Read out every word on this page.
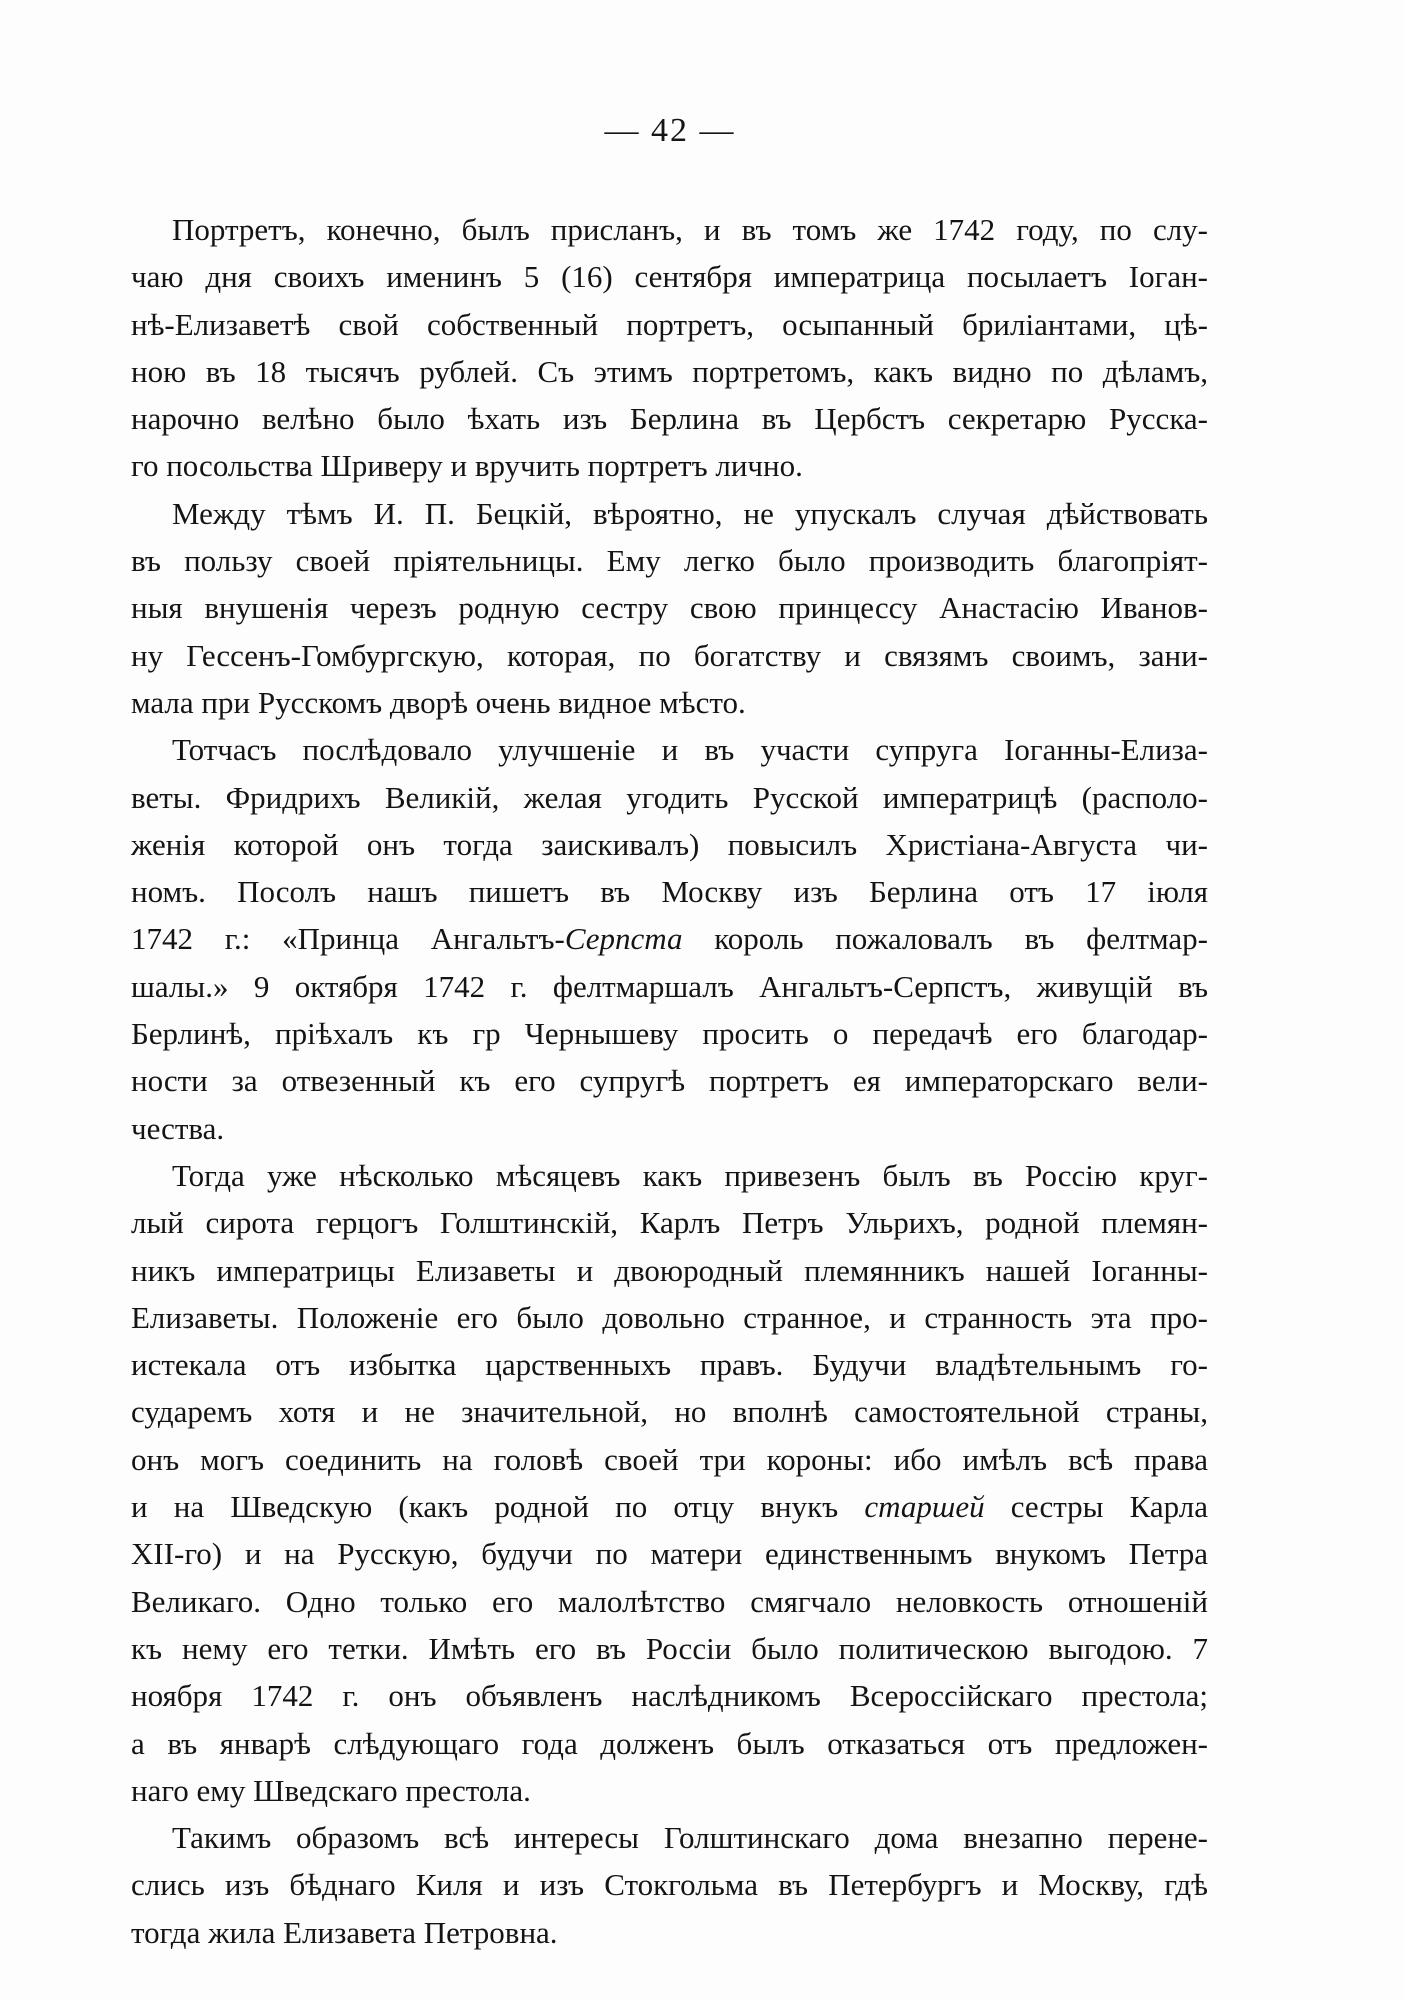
— 42 —
Портретъ, конечно, былъ присланъ, и въ томъ же 1742 году, по слу-
чаю дня своихъ именинъ 5 (16) сентября императрица посылаетъ Іоган-
нѣ-Елизаветѣ свой собственный портретъ, осыпанный бриліантами, цѣ-
ною въ 18 тысячъ рублей. Съ этимъ портретомъ, какъ видно по дѣламъ,
нарочно велѣно было ѣхать изъ Берлина въ Цербстъ секретарю Русска-
го посольства Шриверу и вручить портретъ лично.
Между тѣмъ И. П. Бецкій, вѣроятно, не упускалъ случая дѣйствовать
въ пользу своей пріятельницы. Ему легко было производить благопріят-
ныя внушенія черезъ родную сестру свою принцессу Анастасію Иванов-
ну Гессенъ-Гомбургскую, которая, по богатству и связямъ своимъ, зани-
мала при Русскомъ дворѣ очень видное мѣсто.
Тотчасъ послѣдовало улучшеніе и въ участи супруга Іоганны-Елиза-
веты. Фридрихъ Великій, желая угодить Русской императрицѣ (располо-
женія которой онъ тогда заискивалъ) повысилъ Христіана-Августа чи-
номъ. Посолъ нашъ пишетъ въ Москву изъ Берлина отъ 17 іюля
1742 г.: «Принца Ангальтъ-Серпста король пожаловалъ въ фелтмар-
шалы.» 9 октября 1742 г. фелтмаршалъ Ангальтъ-Серпстъ, живущій въ
Берлинѣ, пріѣхалъ къ гр Чернышеву просить о передачѣ его благодар-
ности за отвезенный къ его супругѣ портретъ ея императорскаго вели-
чества.
Тогда уже нѣсколько мѣсяцевъ какъ привезенъ былъ въ Россію круг-
лый сирота герцогъ Голштинскій, Карлъ Петръ Ульрихъ, родной племян-
никъ императрицы Елизаветы и двоюродный племянникъ нашей Іоганны-
Елизаветы. Положеніе его было довольно странное, и странность эта про-
истекала отъ избытка царственныхъ правъ. Будучи владѣтельнымъ го-
сударемъ хотя и не значительной, но вполнѣ самостоятельной страны,
онъ могъ соединить на головѣ своей три короны: ибо имѣлъ всѣ права
и на Шведскую (какъ родной по отцу внукъ старшей сестры Карла
XII-го) и на Русскую, будучи по матери единственнымъ внукомъ Петра
Великаго. Одно только его малолѣтство смягчало неловкость отношеній
къ нему его тетки. Имѣть его въ Россіи было политическою выгодою. 7
ноября 1742 г. онъ объявленъ наслѣдникомъ Всероссійскаго престола;
а въ январѣ слѣдующаго года долженъ былъ отказаться отъ предложен-
наго ему Шведскаго престола.
Такимъ образомъ всѣ интересы Голштинскаго дома внезапно перене-
слись изъ бѣднаго Киля и изъ Стокгольма въ Петербургъ и Москву, гдѣ
тогда жила Елизавета Петровна.
